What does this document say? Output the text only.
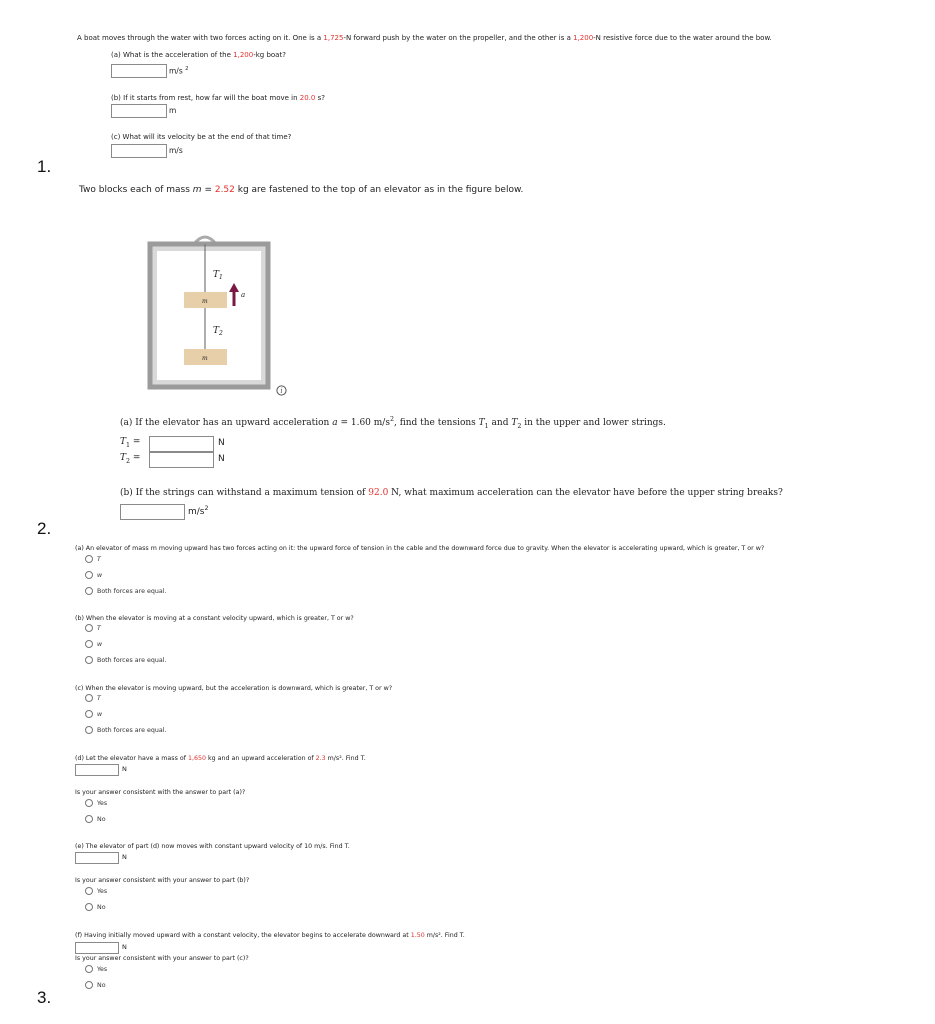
1.
2.
3.
A boat moves through the water with two forces acting on it. One is a 1,725-N forward push by the water on the propeller, and the other is a 1,200-N resistive force due to the water around the bow.
(a) What is the acceleration of the 1,200-kg boat?
m/s $^2$
(b) If it starts from rest, how far will the boat move in 20.0 s?
m
(c) What will its velocity be at the end of that time?
m/s
Two blocks each of mass m = 2.52 kg are fastened to the top of an elevator as in the figure below.
$T_1$
$T_2$
m
m
a
i
(a) If the elevator has an upward acceleration a = 1.60 $m/s^2$, find the tensions $T_1$ and $T_2$ in the upper and lower strings.
$T_1$ =	N
$T_2$ =	N
(b) If the strings can withstand a maximum tension of 92.0 N, what maximum acceleration can the elevator have before the upper string breaks?
$m/s^2$
(a) An elevator of mass m moving upward has two forces acting on it: the upward force of tension in the cable and the downward force due to gravity. When the elevator is accelerating upward, which is greater, T or w?
T
w
Both forces are equal.
(b) When the elevator is moving at a constant velocity upward, which is greater, T or w?
T
w
Both forces are equal.
(c) When the elevator is moving upward, but the acceleration is downward, which is greater, T or w?
T
w
Both forces are equal.
(d) Let the elevator have a mass of 1,650 kg and an upward acceleration of 2.3 m/s². Find T.
N
Is your answer consistent with the answer to part (a)?
Yes
No
(e) The elevator of part (d) now moves with constant upward velocity of 10 m/s. Find T.
N
Is your answer consistent with your answer to part (b)?
Yes
No
(f) Having initially moved upward with a constant velocity, the elevator begins to accelerate downward at 1.50 m/s². Find T.
N
Is your answer consistent with your answer to part (c)?
Yes
No
